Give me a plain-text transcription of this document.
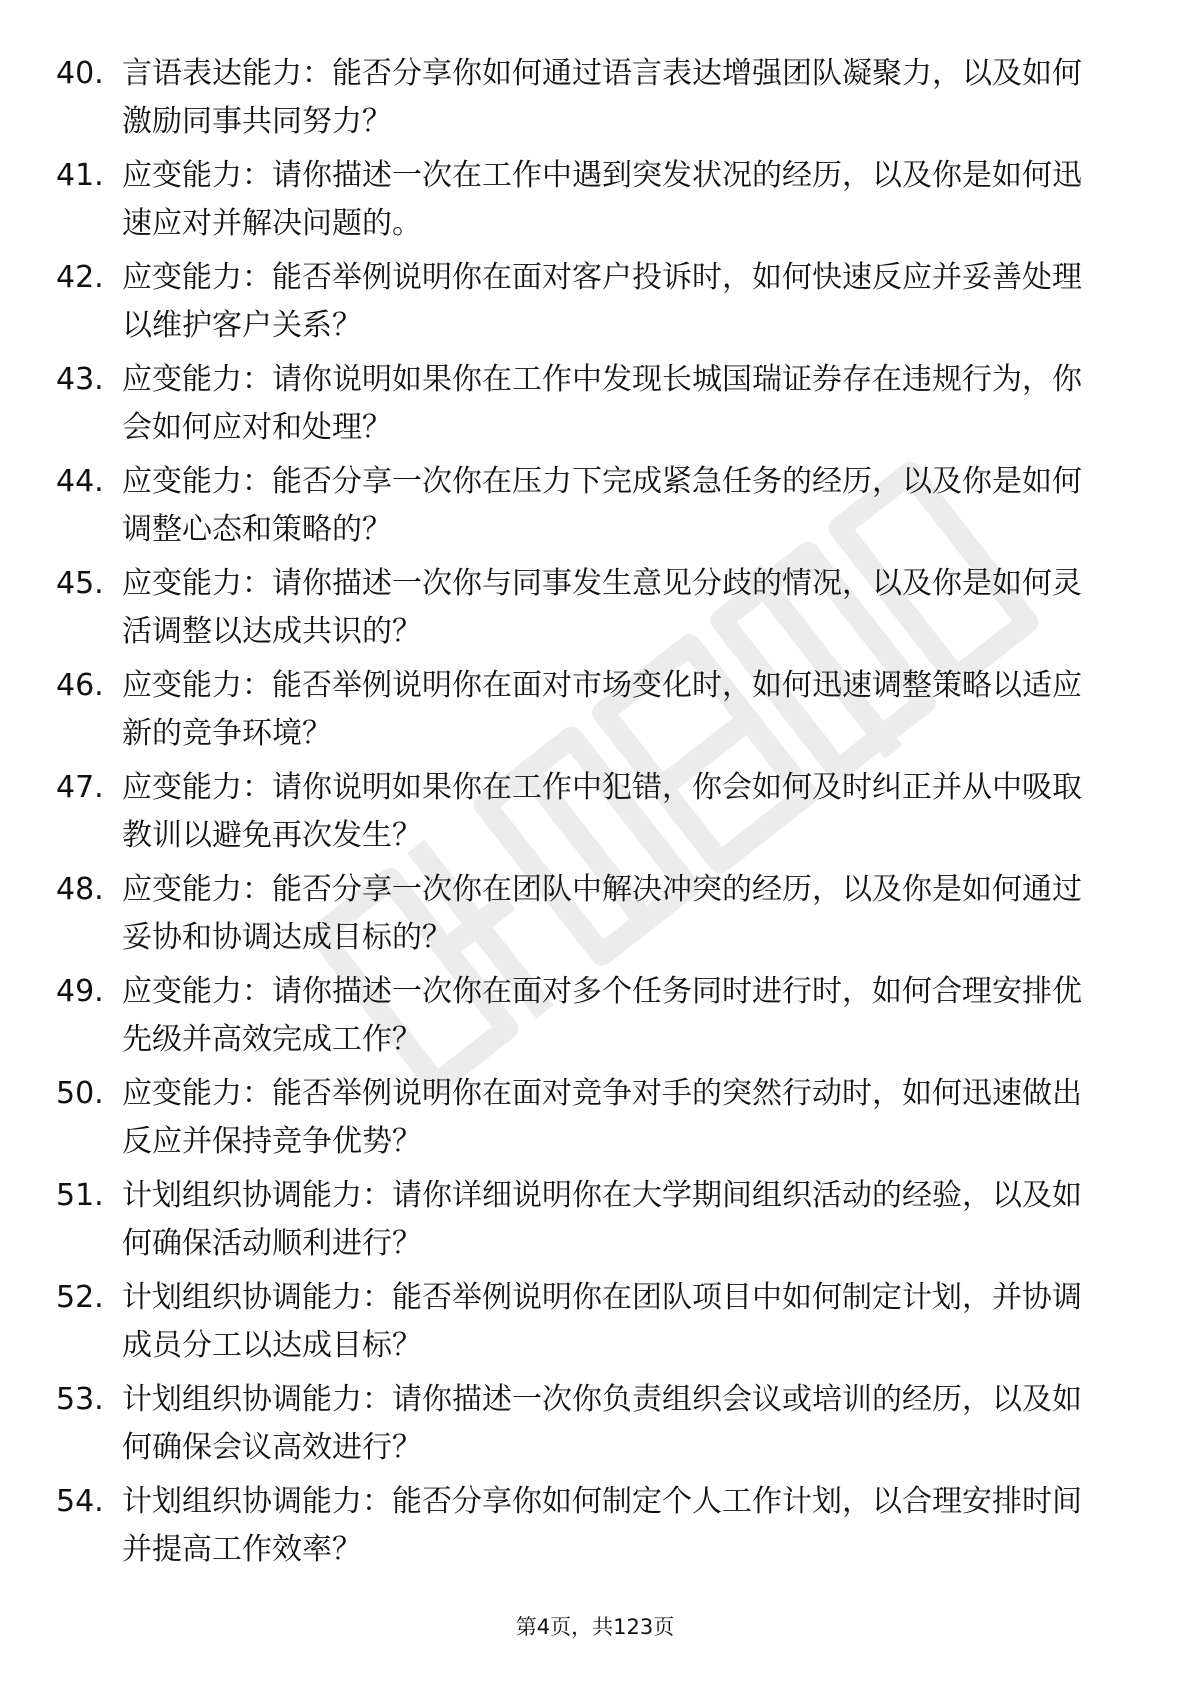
40. 言语表达能力：能否分享你如何通过语言表达增强团队凝聚力，以及如何激励同事共同努力？
41. 应变能力：请你描述一次在工作中遇到突发状况的经历，以及你是如何迅速应对并解决问题的。
42. 应变能力：能否举例说明你在面对客户投诉时，如何快速反应并妥善处理以维护客户关系？
43. 应变能力：请你说明如果你在工作中发现长城国瑞证券存在违规行为，你会如何应对和处理？
44. 应变能力：能否分享一次你在压力下完成紧急任务的经历，以及你是如何调整心态和策略的？
45. 应变能力：请你描述一次你与同事发生意见分歧的情况，以及你是如何灵活调整以达成共识的？
46. 应变能力：能否举例说明你在面对市场变化时，如何迅速调整策略以适应新的竞争环境？
47. 应变能力：请你说明如果你在工作中犯错，你会如何及时纠正并从中吸取教训以避免再次发生？
48. 应变能力：能否分享一次你在团队中解决冲突的经历，以及你是如何通过妥协和协调达成目标的？
49. 应变能力：请你描述一次你在面对多个任务同时进行时，如何合理安排优先级并高效完成工作？
50. 应变能力：能否举例说明你在面对竞争对手的突然行动时，如何迅速做出反应并保持竞争优势？
51. 计划组织协调能力：请你详细说明你在大学期间组织活动的经验，以及如何确保活动顺利进行？
52. 计划组织协调能力：能否举例说明你在团队项目中如何制定计划，并协调成员分工以达成目标？
53. 计划组织协调能力：请你描述一次你负责组织会议或培训的经历，以及如何确保会议高效进行？
54. 计划组织协调能力：能否分享你如何制定个人工作计划，以合理安排时间并提高工作效率？
第4页，共123页
